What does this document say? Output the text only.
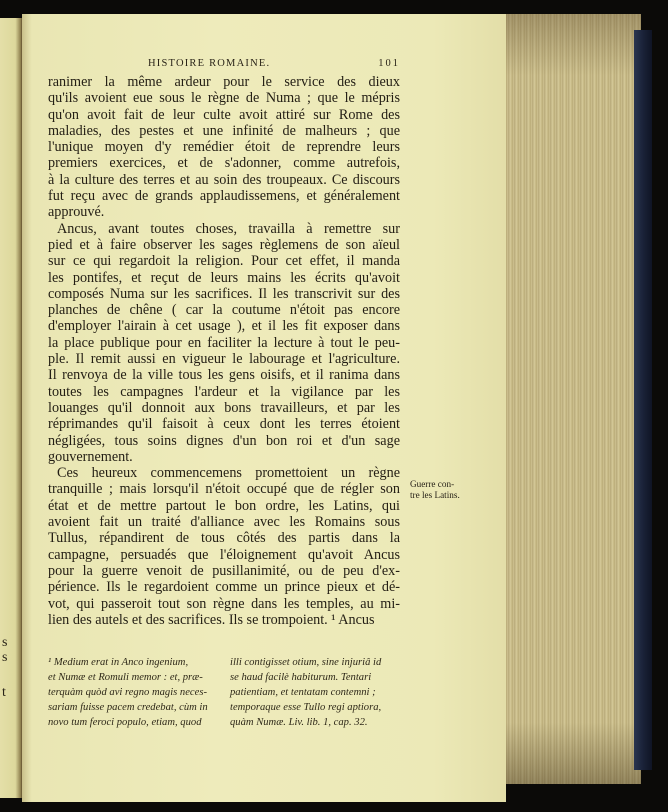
s
s
t
HISTOIRE ROMAINE.	101
ranimer la même ardeur pour le service des dieux
qu'ils avoient eue sous le règne de Numa ; que le mépris
qu'on avoit fait de leur culte avoit attiré sur Rome des
maladies, des pestes et une infinité de malheurs ; que
l'unique moyen d'y remédier étoit de reprendre leurs
premiers exercices, et de s'adonner, comme autrefois,
à la culture des terres et au soin des troupeaux. Ce discours
fut reçu avec de grands applaudissemens, et généralement
approuvé.
Ancus, avant toutes choses, travailla à remettre sur
pied et à faire observer les sages règlemens de son aïeul
sur ce qui regardoit la religion. Pour cet effet, il manda
les pontifes, et reçut de leurs mains les écrits qu'avoit
composés Numa sur les sacrifices. Il les transcrivit sur des
planches de chêne ( car la coutume n'étoit pas encore
d'employer l'airain à cet usage ), et il les fit exposer dans
la place publique pour en faciliter la lecture à tout le peu-
ple. Il remit aussi en vigueur le labourage et l'agriculture.
Il renvoya de la ville tous les gens oisifs, et il ranima dans
toutes les campagnes l'ardeur et la vigilance par les
louanges qu'il donnoit aux bons travailleurs, et par les
réprimandes qu'il faisoit à ceux dont les terres étoient
négligées, tous soins dignes d'un bon roi et d'un sage
gouvernement.
Ces heureux commencemens promettoient un règne
tranquille ; mais lorsqu'il n'étoit occupé que de régler son
état et de mettre partout le bon ordre, les Latins, qui
avoient fait un traité d'alliance avec les Romains sous
Tullus, répandirent de tous côtés des partis dans la
campagne, persuadés que l'éloignement qu'avoit Ancus
pour la guerre venoit de pusillanimité, ou de peu d'ex-
périence. Ils le regardoient comme un prince pieux et dé-
vot, qui passeroit tout son règne dans les temples, au mi-
lien des autels et des sacrifices. Ils se trompoient. ¹ Ancus
Guerre con-
tre les Latins.
¹ Medium erat in Anco ingenium,
et Numæ et Romuli memor : et, præ-
terquàm quòd avi regno magis neces-
sariam fuisse pacem credebat, cùm in
novo tum feroci populo, etiam, quod
illi contigisset otium, sine injuriâ id
se haud facilè habiturum. Tentari
patientiam, et tentatam contemni ;
temporaque esse Tullo regi aptiora,
quàm Numæ. Liv. lib. 1, cap. 32.
